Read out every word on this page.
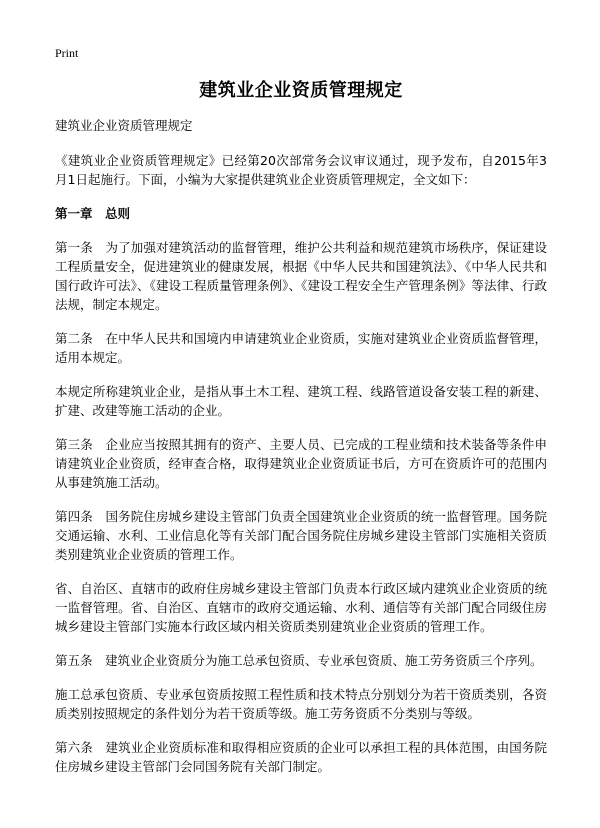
Print
建筑业企业资质管理规定
建筑业企业资质管理规定
《建筑业企业资质管理规定》已经第20次部常务会议审议通过，现予发布，自2015年3月1日起施行。下面，小编为大家提供建筑业企业资质管理规定，全文如下：
第一章　总则
第一条　为了加强对建筑活动的监督管理，维护公共利益和规范建筑市场秩序，保证建设工程质量安全，促进建筑业的健康发展，根据《中华人民共和国建筑法》、《中华人民共和国行政许可法》、《建设工程质量管理条例》、《建设工程安全生产管理条例》等法律、行政法规，制定本规定。
第二条　在中华人民共和国境内申请建筑业企业资质，实施对建筑业企业资质监督管理，适用本规定。
本规定所称建筑业企业，是指从事土木工程、建筑工程、线路管道设备安装工程的新建、扩建、改建等施工活动的企业。
第三条　企业应当按照其拥有的资产、主要人员、已完成的工程业绩和技术装备等条件申请建筑业企业资质，经审查合格，取得建筑业企业资质证书后，方可在资质许可的范围内从事建筑施工活动。
第四条　国务院住房城乡建设主管部门负责全国建筑业企业资质的统一监督管理。国务院交通运输、水利、工业信息化等有关部门配合国务院住房城乡建设主管部门实施相关资质类别建筑业企业资质的管理工作。
省、自治区、直辖市的政府住房城乡建设主管部门负责本行政区域内建筑业企业资质的统一监督管理。省、自治区、直辖市的政府交通运输、水利、通信等有关部门配合同级住房城乡建设主管部门实施本行政区域内相关资质类别建筑业企业资质的管理工作。
第五条　建筑业企业资质分为施工总承包资质、专业承包资质、施工劳务资质三个序列。
施工总承包资质、专业承包资质按照工程性质和技术特点分别划分为若干资质类别，各资质类别按照规定的条件划分为若干资质等级。施工劳务资质不分类别与等级。
第六条　建筑业企业资质标准和取得相应资质的企业可以承担工程的具体范围，由国务院住房城乡建设主管部门会同国务院有关部门制定。
